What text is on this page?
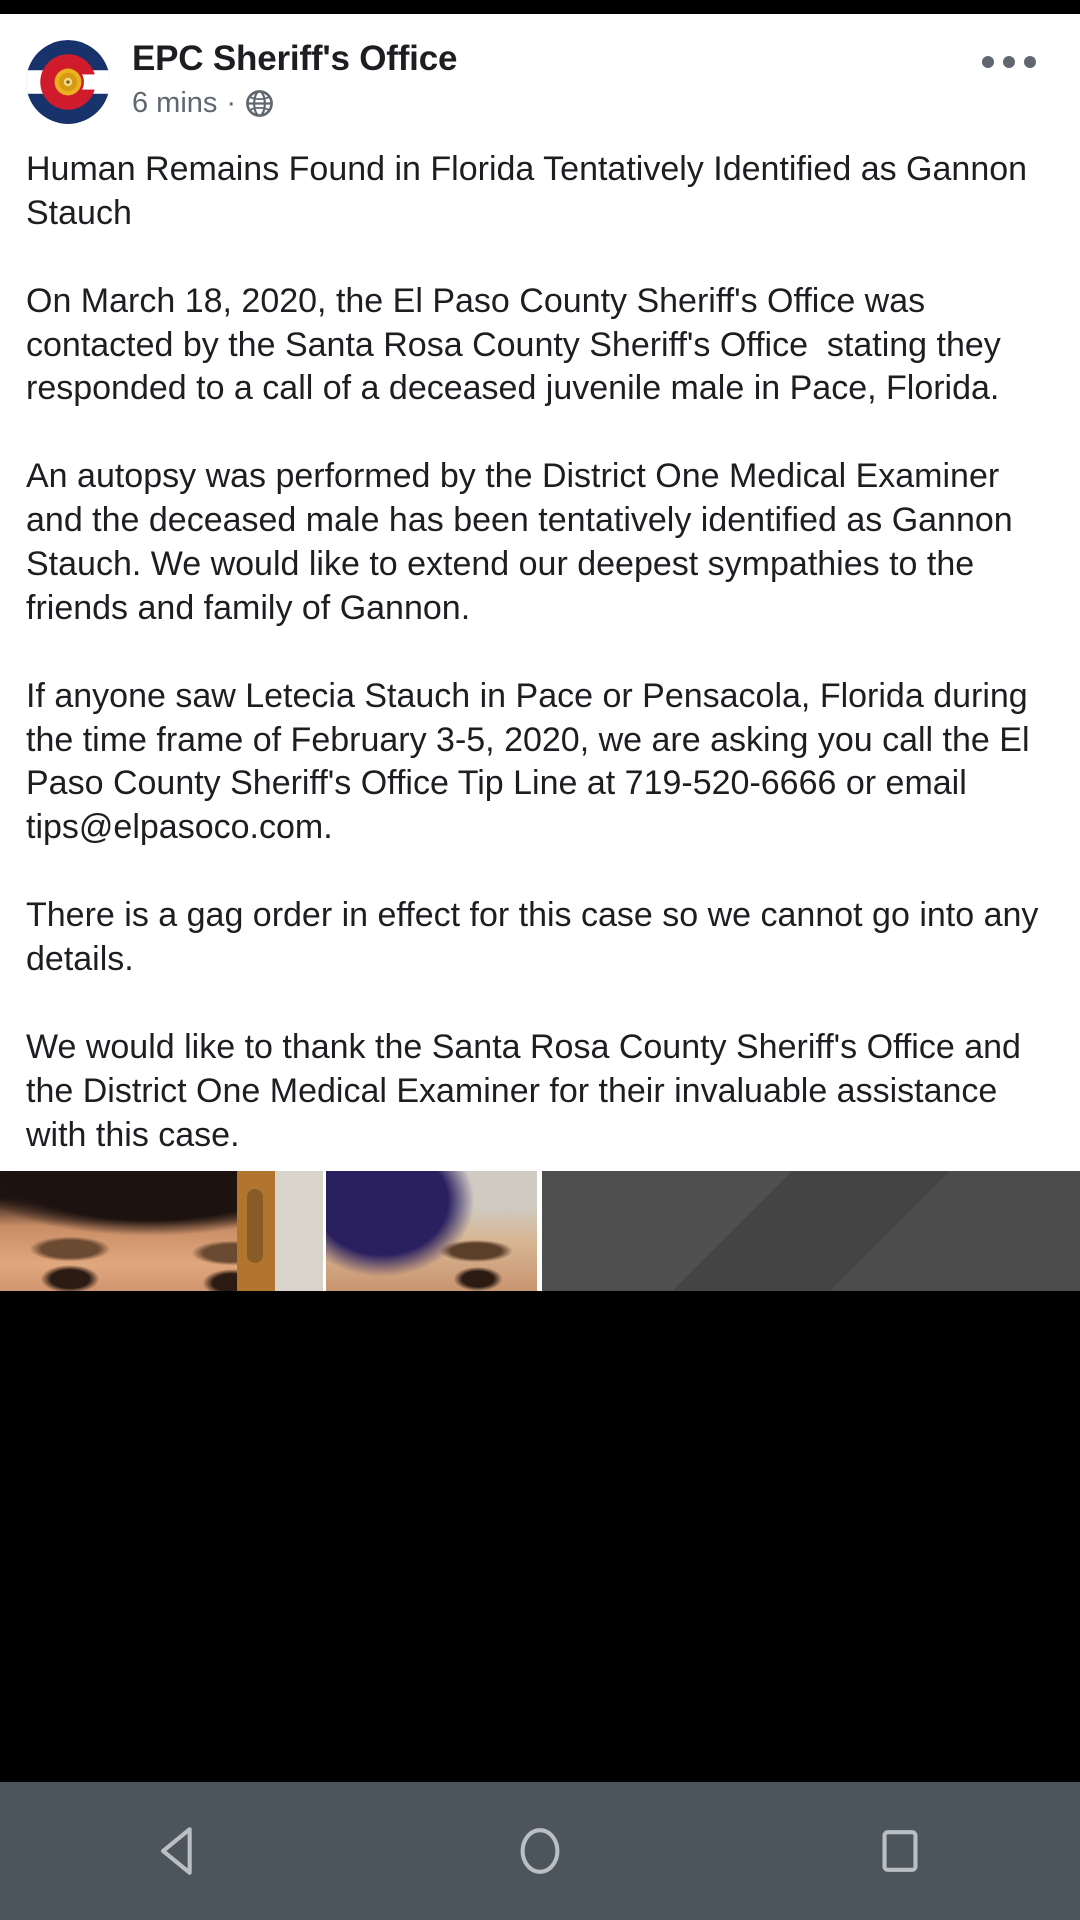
EPC Sheriff's Office
6 mins ·

Human Remains Found in Florida Tentatively Identified as Gannon Stauch

On March 18, 2020, the El Paso County Sheriff's Office was contacted by the Santa Rosa County Sheriff's Office  stating they responded to a call of a deceased juvenile male in Pace, Florida.

An autopsy was performed by the District One Medical Examiner and the deceased male has been tentatively identified as Gannon Stauch. We would like to extend our deepest sympathies to the friends and family of Gannon.

If anyone saw Letecia Stauch in Pace or Pensacola, Florida during the time frame of February 3-5, 2020, we are asking you call the El Paso County Sheriff's Office Tip Line at 719-520-6666 or email tips@elpasoco.com.

There is a gag order in effect for this case so we cannot go into any details.

We would like to thank the Santa Rosa County Sheriff's Office and the District One Medical Examiner for their invaluable assistance with this case.
